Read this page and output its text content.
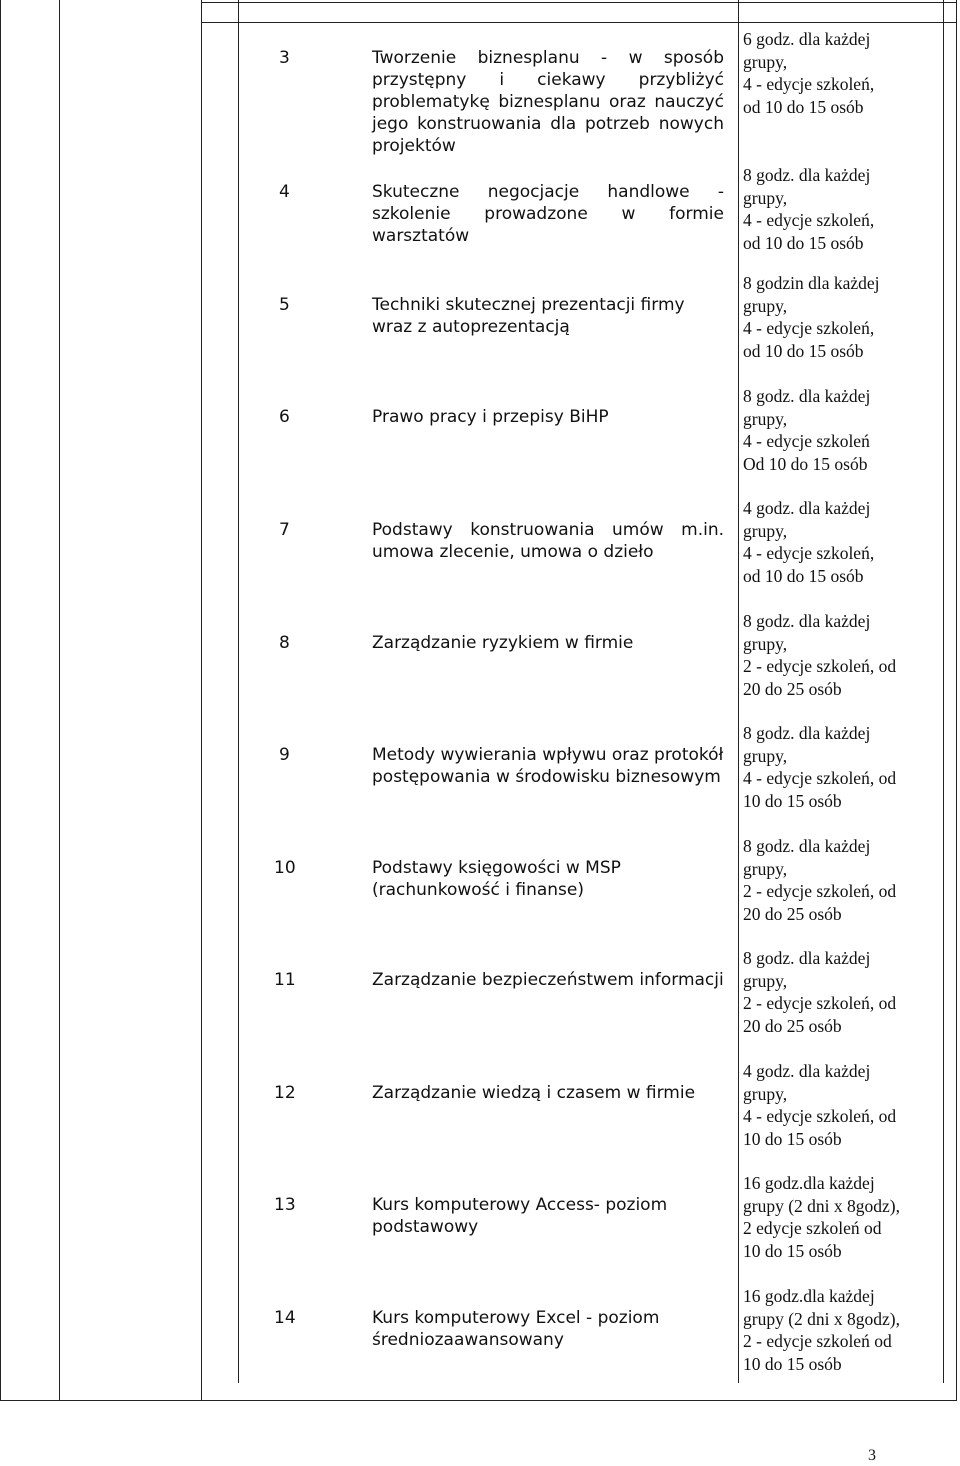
3	Tworzenie biznesplanu - w sposób przystępny i ciekawy przybliżyć problematykę biznesplanu oraz nauczyć jego konstruowania dla potrzeb nowych projektów
6 godz. dla każdej
grupy,
4 - edycje szkoleń,
od 10 do 15 osób
4	Skuteczne negocjacje handlowe - szkolenie prowadzone w formie warsztatów
8 godz. dla każdej
grupy,
4 - edycje szkoleń,
od 10 do 15 osób
5	Techniki skutecznej prezentacji firmy wraz z autoprezentacją
8 godzin dla każdej
grupy,
4 - edycje szkoleń,
od 10 do 15 osób
6	Prawo pracy i przepisy BiHP
8 godz. dla każdej
grupy,
4 - edycje szkoleń
Od 10 do 15 osób
7	Podstawy konstruowania umów m.in. umowa zlecenie, umowa o dzieło
4 godz. dla każdej
grupy,
4 - edycje szkoleń,
od 10 do 15 osób
8	Zarządzanie ryzykiem w firmie
8 godz. dla każdej
grupy,
2 - edycje szkoleń, od
20 do 25 osób
9	Metody wywierania wpływu oraz protokół postępowania w środowisku biznesowym
8 godz. dla każdej
grupy,
4 - edycje szkoleń, od
10 do 15 osób
10	Podstawy księgowości w MSP (rachunkowość i finanse)
8 godz. dla każdej
grupy,
2 - edycje szkoleń, od
20 do 25 osób
11	Zarządzanie bezpieczeństwem informacji
8 godz. dla każdej
grupy,
2 - edycje szkoleń, od
20 do 25 osób
12	Zarządzanie wiedzą i czasem w firmie
4 godz. dla każdej
grupy,
4 - edycje szkoleń, od
10 do 15 osób
13	Kurs komputerowy Access- poziom podstawowy
16 godz.dla każdej
grupy (2 dni x 8godz),
2 edycje szkoleń od
10 do 15 osób
14	Kurs komputerowy Excel - poziom średniozaawansowany
16 godz.dla każdej
grupy (2 dni x 8godz),
2 - edycje szkoleń od
10 do 15 osób
3
